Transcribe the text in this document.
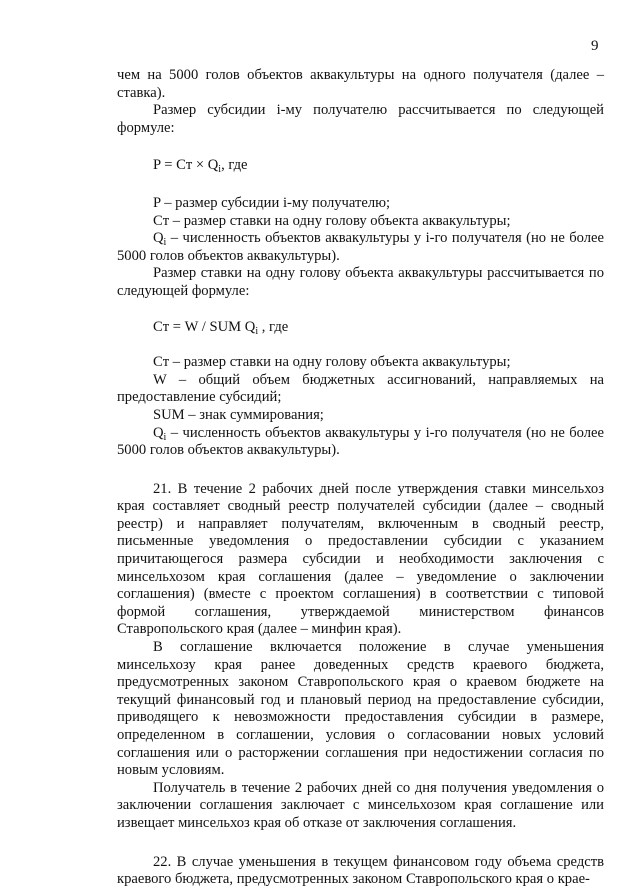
9

чем на 5000 голов объектов аквакультуры на одного получателя (далее – ставка).

Размер субсидии i-му получателю рассчитывается по следующей формуле:

P = Cт × $Q_i$, где

P – размер субсидии i-му получателю;

Cт – размер ставки на одну голову объекта аквакультуры;

$Q_i$ – численность объектов аквакультуры у i-го получателя (но не более 5000 голов объектов аквакультуры).

Размер ставки на одну голову объекта аквакультуры рассчитывается по следующей формуле:

Cт = W / SUM $Q_i$ , где

Cт – размер ставки на одну голову объекта аквакультуры;

W – общий объем бюджетных ассигнований, направляемых на предоставление субсидий;

SUM – знак суммирования;

$Q_i$ – численность объектов аквакультуры у i-го получателя (но не более 5000 голов объектов аквакультуры).

21. В течение 2 рабочих дней после утверждения ставки минсельхоз края составляет сводный реестр получателей субсидии (далее – сводный реестр) и направляет получателям, включенным в сводный реестр, письменные уведомления о предоставлении субсидии с указанием причитающегося размера субсидии и необходимости заключения с минсельхозом края соглашения (далее – уведомление о заключении соглашения) (вместе с проектом соглашения) в соответствии с типовой формой соглашения, утверждаемой министерством финансов Ставропольского края (далее – минфин края).

В соглашение включается положение в случае уменьшения минсельхозу края ранее доведенных средств краевого бюджета, предусмотренных законом Ставропольского края о краевом бюджете на текущий финансовый год и плановый период на предоставление субсидии, приводящего к невозможности предоставления субсидии в размере, определенном в соглашении, условия о согласовании новых условий соглашения или о расторжении соглашения при недостижении согласия по новым условиям.

Получатель в течение 2 рабочих дней со дня получения уведомления о заключении соглашения заключает с минсельхозом края соглашение или извещает минсельхоз края об отказе от заключения соглашения.

22. В случае уменьшения в текущем финансовом году объема средств краевого бюджета, предусмотренных законом Ставропольского края о крае-
